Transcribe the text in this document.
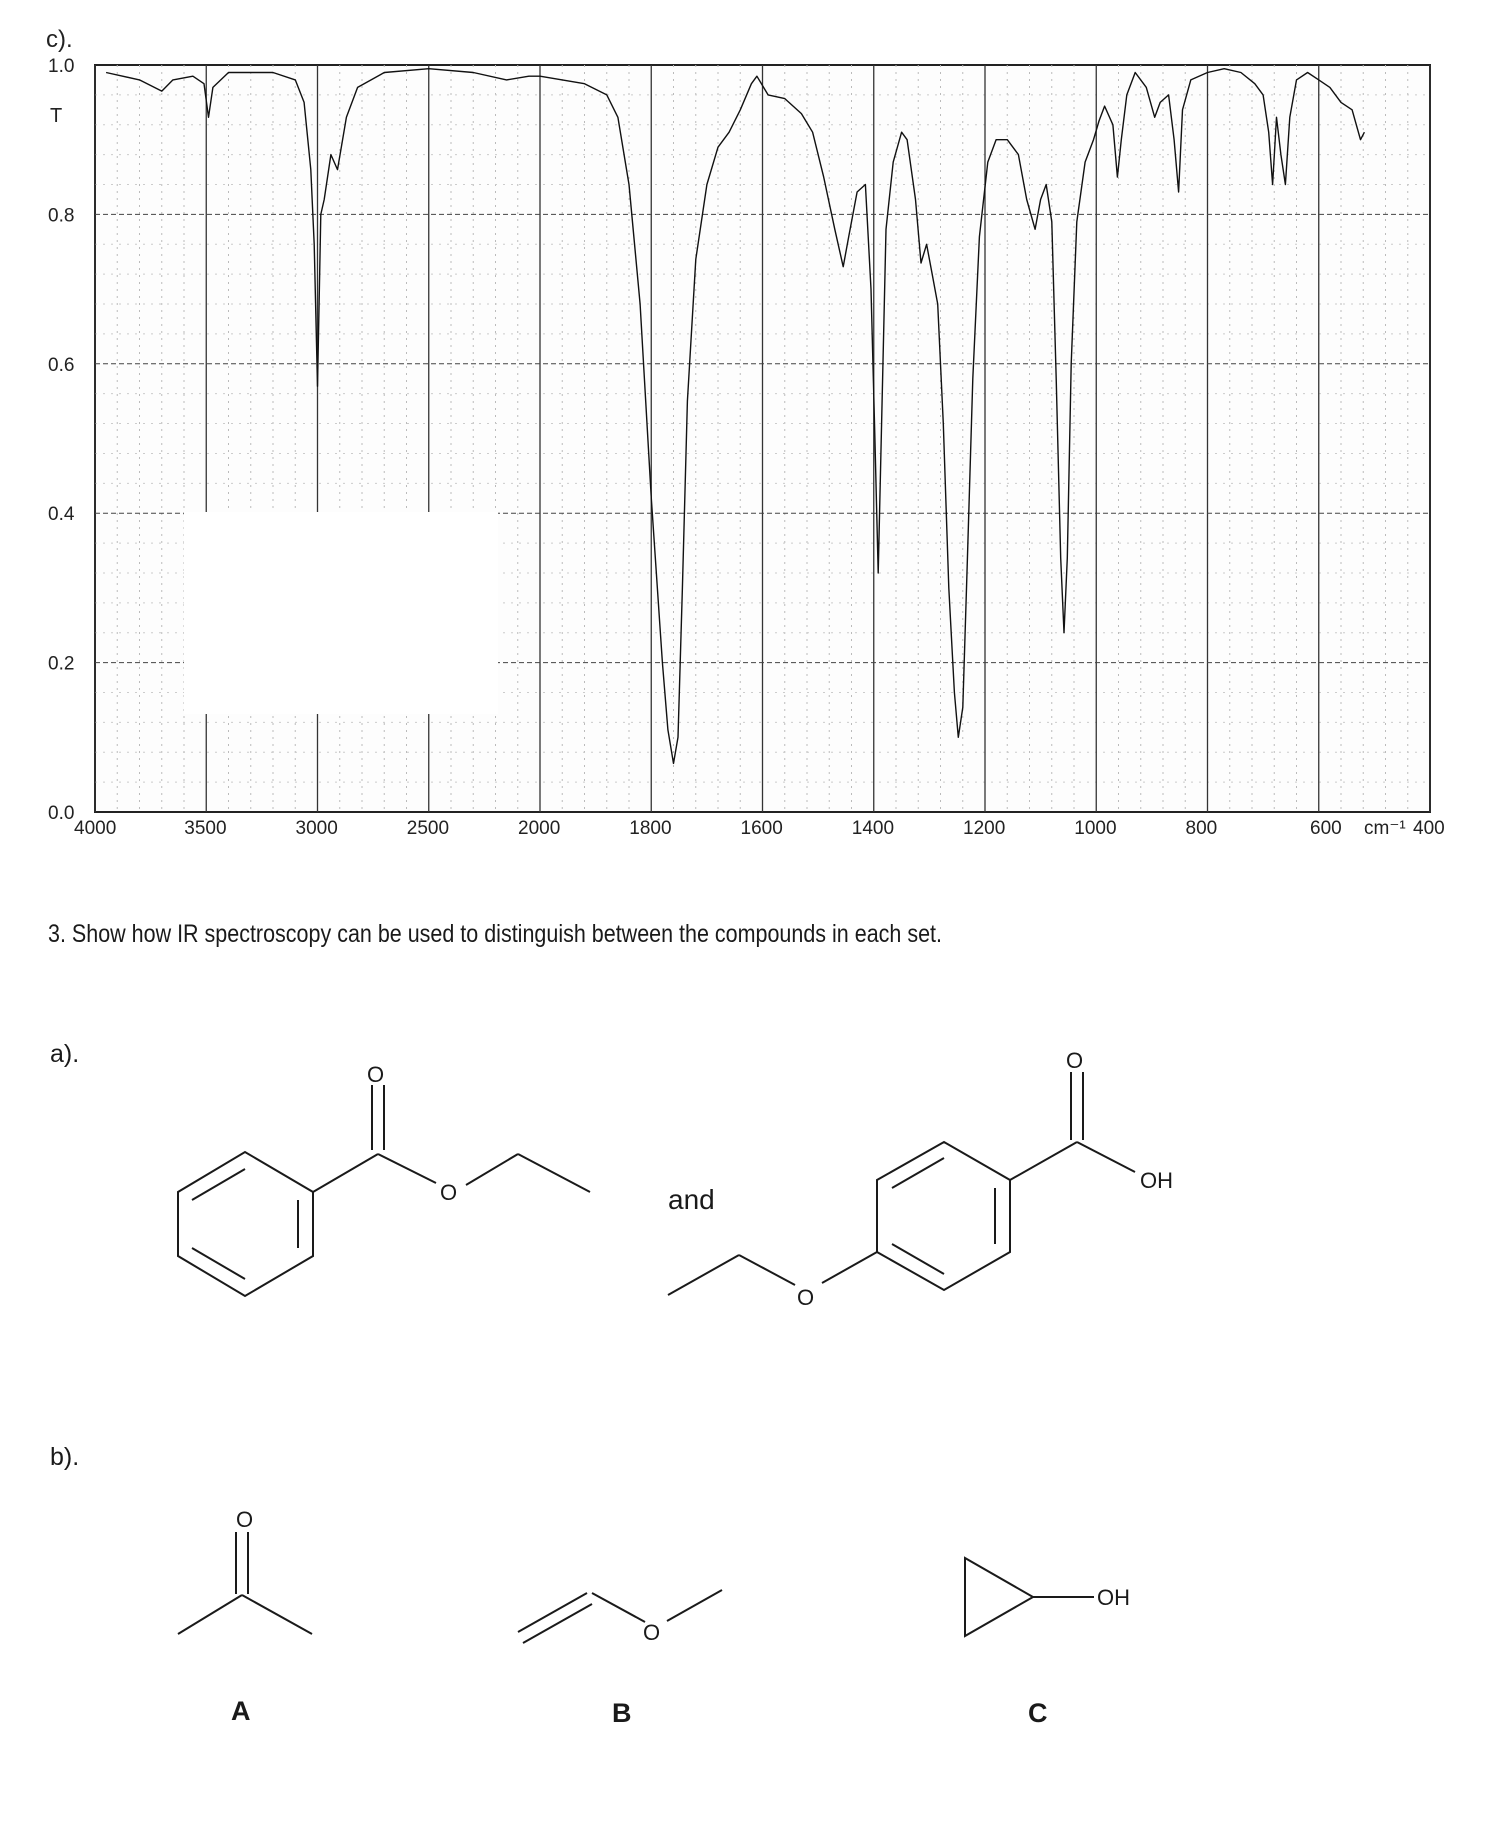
1.0
0.8
0.6
0.4
0.2
0.0
4000	3500	3000	2500	2000	1800	1600	1400	1200	1000	800	600	400
T
cm⁻¹
c).
3. Show how IR spectroscopy can be used to distinguish between the compounds in each set.
a).
b).
O
O	and
O
OH
O
O
A
O
B
OH
C
